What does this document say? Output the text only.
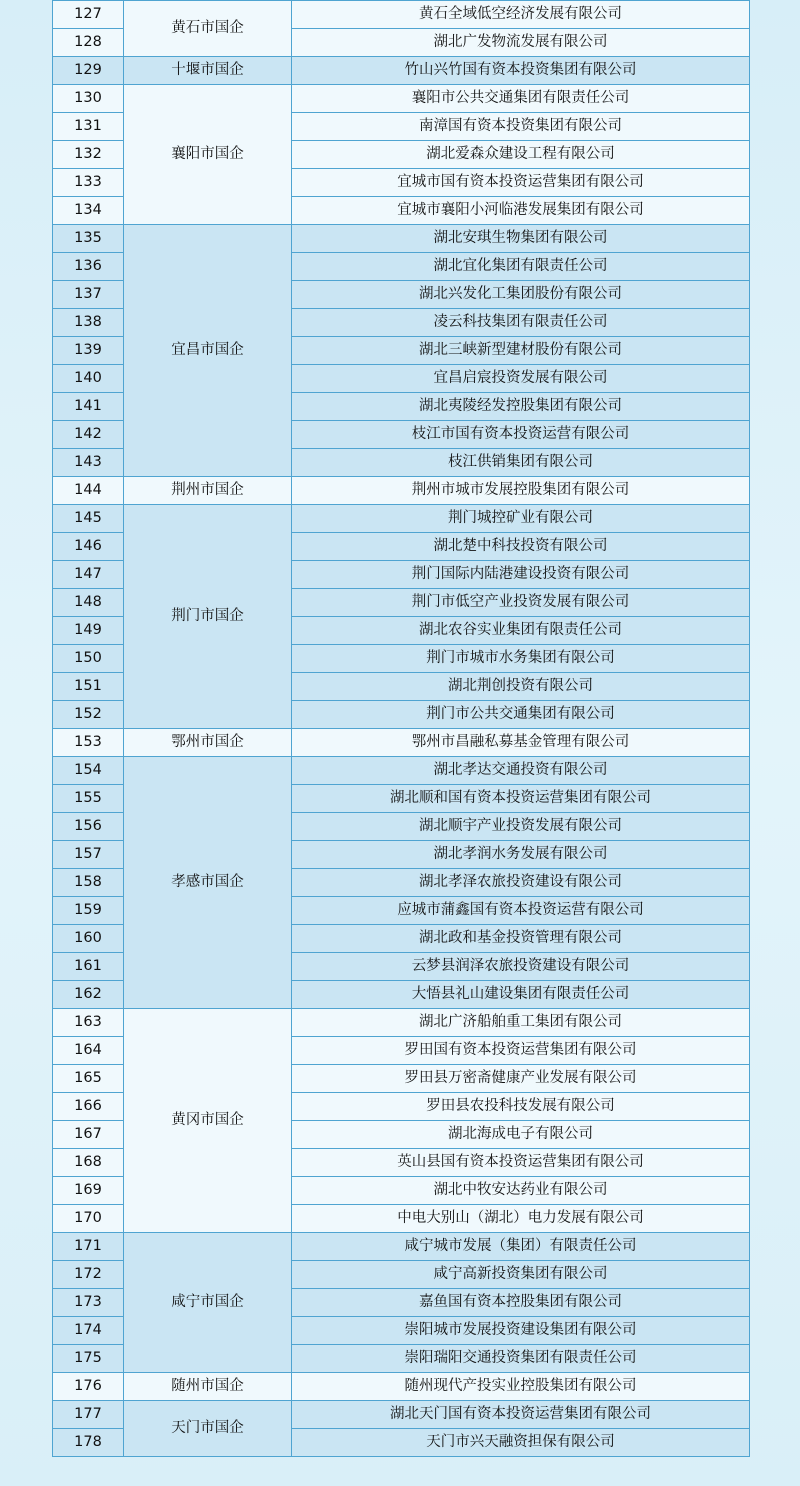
127	黄石市国企	黄石全域低空经济发展有限公司
128		湖北广发物流发展有限公司
129	十堰市国企	竹山兴竹国有资本投资集团有限公司
130	襄阳市国企	襄阳市公共交通集团有限责任公司
131		南漳国有资本投资集团有限公司
132		湖北爱森众建设工程有限公司
133		宜城市国有资本投资运营集团有限公司
134		宜城市襄阳小河临港发展集团有限公司
135	宜昌市国企	湖北安琪生物集团有限公司
136		湖北宜化集团有限责任公司
137		湖北兴发化工集团股份有限公司
138		凌云科技集团有限责任公司
139		湖北三峡新型建材股份有限公司
140		宜昌启宸投资发展有限公司
141		湖北夷陵经发控股集团有限公司
142		枝江市国有资本投资运营有限公司
143		枝江供销集团有限公司
144	荆州市国企	荆州市城市发展控股集团有限公司
145	荆门市国企	荆门城控矿业有限公司
146		湖北楚中科技投资有限公司
147		荆门国际内陆港建设投资有限公司
148		荆门市低空产业投资发展有限公司
149		湖北农谷实业集团有限责任公司
150		荆门市城市水务集团有限公司
151		湖北荆创投资有限公司
152		荆门市公共交通集团有限公司
153	鄂州市国企	鄂州市昌融私募基金管理有限公司
154	孝感市国企	湖北孝达交通投资有限公司
155		湖北顺和国有资本投资运营集团有限公司
156		湖北顺宇产业投资发展有限公司
157		湖北孝润水务发展有限公司
158		湖北孝泽农旅投资建设有限公司
159		应城市蒲鑫国有资本投资运营有限公司
160		湖北政和基金投资管理有限公司
161		云梦县润泽农旅投资建设有限公司
162		大悟县礼山建设集团有限责任公司
163	黄冈市国企	湖北广济船舶重工集团有限公司
164		罗田国有资本投资运营集团有限公司
165		罗田县万密斋健康产业发展有限公司
166		罗田县农投科技发展有限公司
167		湖北海成电子有限公司
168		英山县国有资本投资运营集团有限公司
169		湖北中牧安达药业有限公司
170		中电大别山（湖北）电力发展有限公司
171	咸宁市国企	咸宁城市发展（集团）有限责任公司
172		咸宁高新投资集团有限公司
173		嘉鱼国有资本控股集团有限公司
174		崇阳城市发展投资建设集团有限公司
175		崇阳瑞阳交通投资集团有限责任公司
176	随州市国企	随州现代产投实业控股集团有限公司
177	天门市国企	湖北天门国有资本投资运营集团有限公司
178		天门市兴天融资担保有限公司
